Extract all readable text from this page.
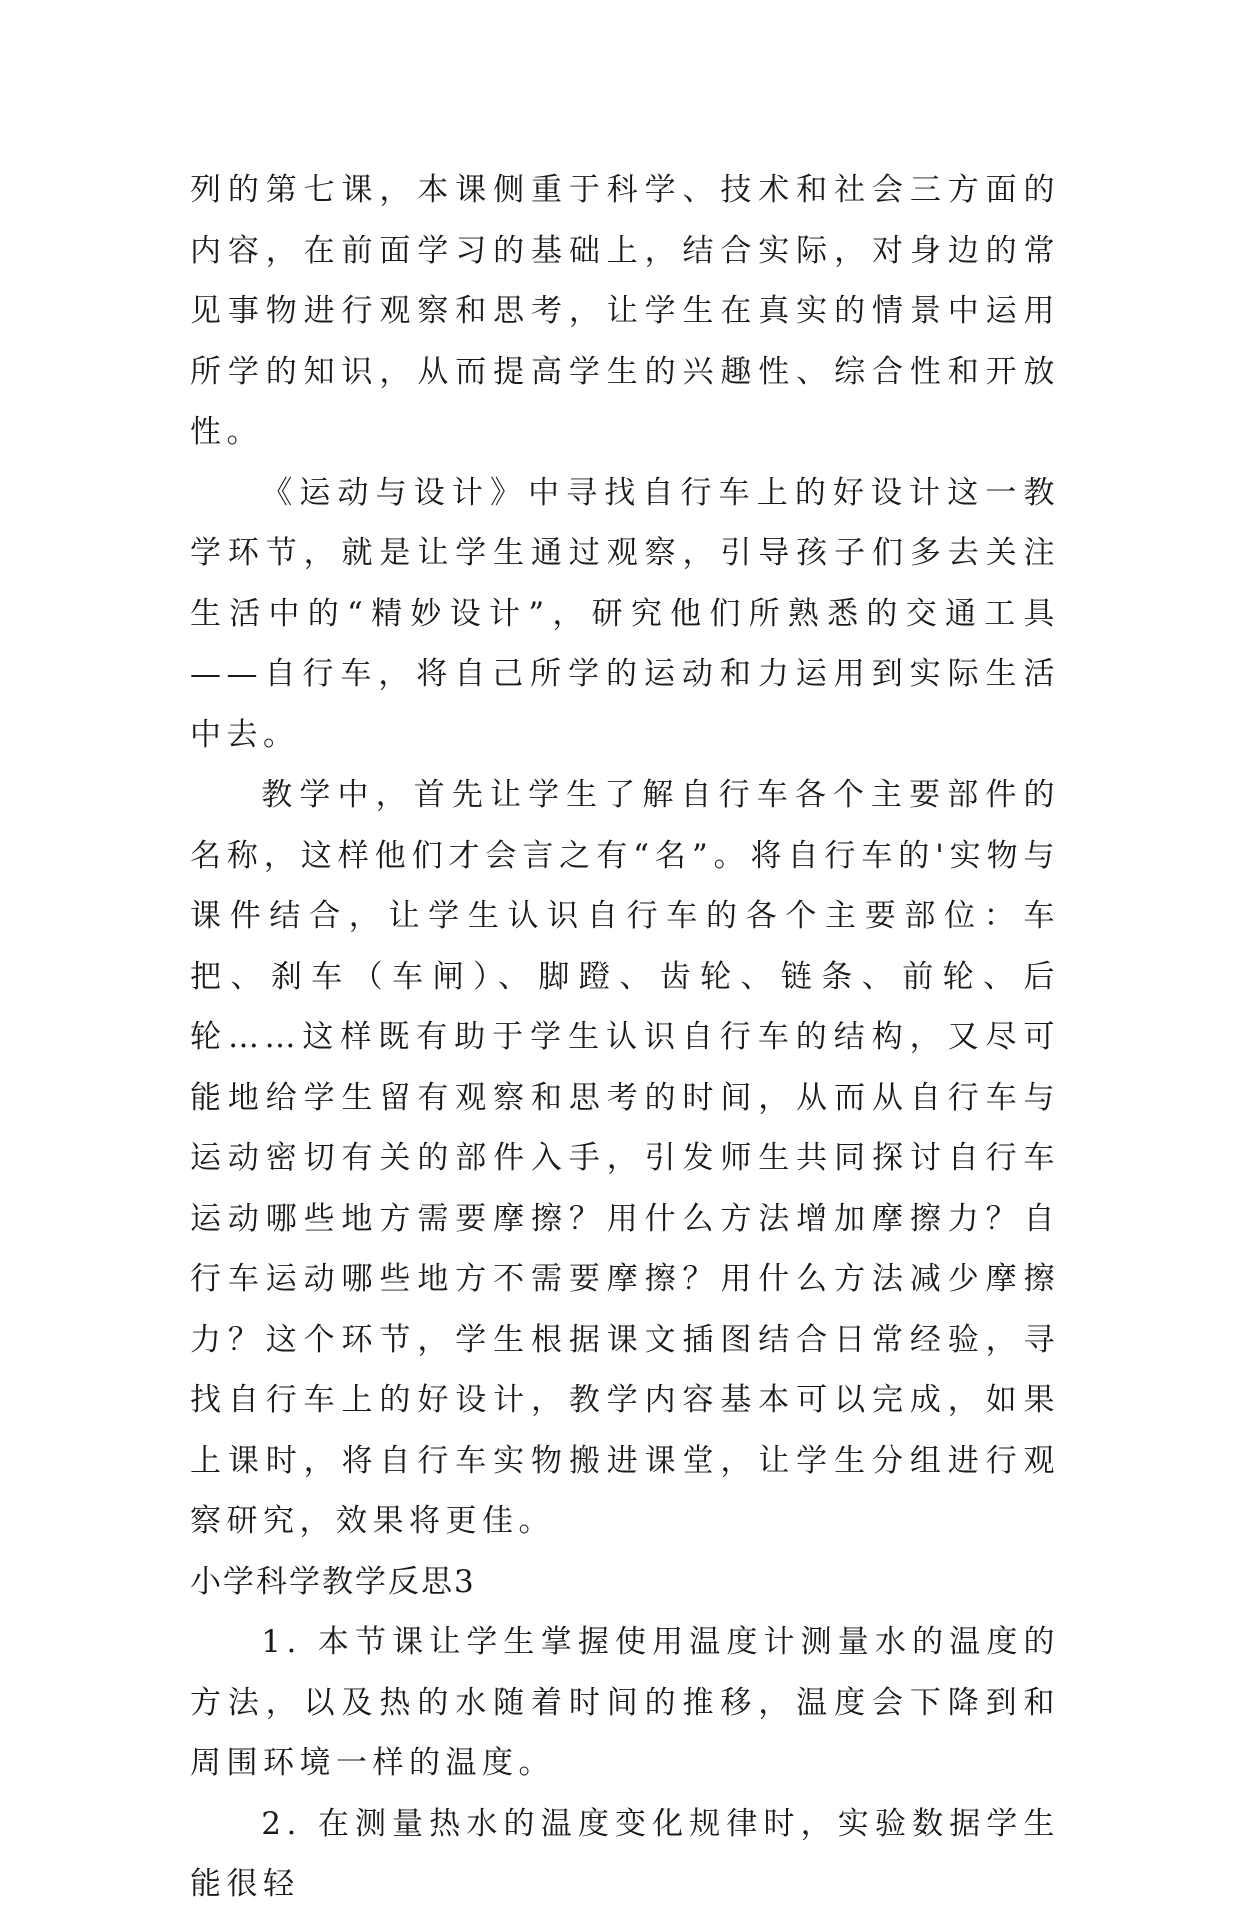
列的第七课，本课侧重于科学、技术和社会三方面的内容，在前面学习的基础上，结合实际，对身边的常见事物进行观察和思考，让学生在真实的情景中运用所学的知识，从而提高学生的兴趣性、综合性和开放性。

《运动与设计》中寻找自行车上的好设计这一教学环节，就是让学生通过观察，引导孩子们多去关注生活中的“精妙设计”，研究他们所熟悉的交通工具——自行车，将自己所学的运动和力运用到实际生活中去。

教学中，首先让学生了解自行车各个主要部件的名称，这样他们才会言之有“名”。将自行车的'实物与课件结合，让学生认识自行车的各个主要部位：车把、刹车（车闸）、脚蹬、齿轮、链条、前轮、后轮……这样既有助于学生认识自行车的结构，又尽可能地给学生留有观察和思考的时间，从而从自行车与运动密切有关的部件入手，引发师生共同探讨自行车运动哪些地方需要摩擦？用什么方法增加摩擦力？自行车运动哪些地方不需要摩擦？用什么方法减少摩擦力？这个环节，学生根据课文插图结合日常经验，寻找自行车上的好设计，教学内容基本可以完成，如果上课时，将自行车实物搬进课堂，让学生分组进行观察研究，效果将更佳。

小学科学教学反思3

1. 本节课让学生掌握使用温度计测量水的温度的方法，以及热的水随着时间的推移，温度会下降到和周围环境一样的温度。

2. 在测量热水的温度变化规律时，实验数据学生能很轻
